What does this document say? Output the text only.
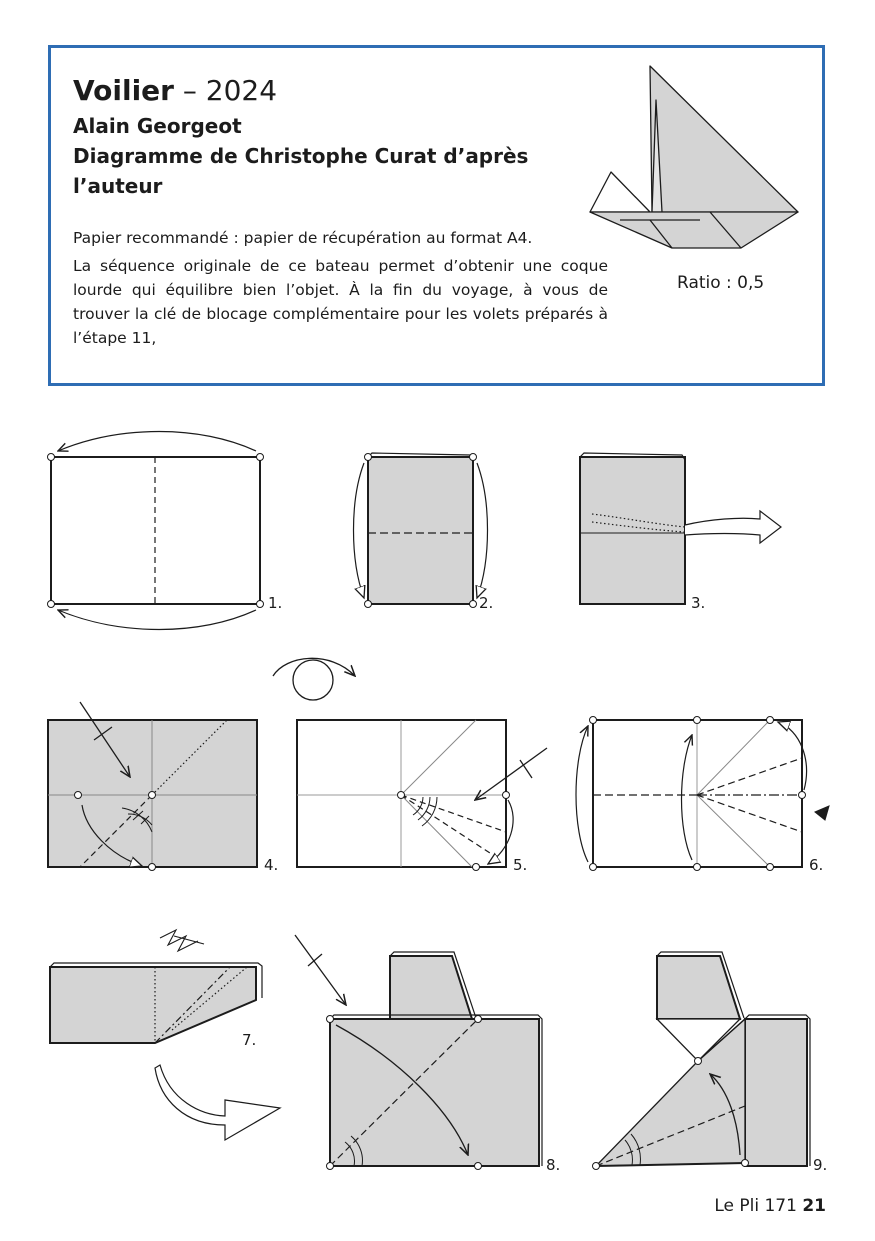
Voilier – 2024
Alain Georgeot
Diagramme de Christophe Curat d’après
l’auteur
Papier recommandé : papier de récupération au format A4.
La séquence originale de ce bateau permet d’obtenir une coque lourde qui équilibre bien l’objet. À la fin du voyage, à vous de trouver la clé de blocage complémentaire pour les volets préparés à l’étape 11,
Ratio : 0,5
1.	2.	3.
4.	5.	6.
7.
8.	9.
Le Pli 171 21
